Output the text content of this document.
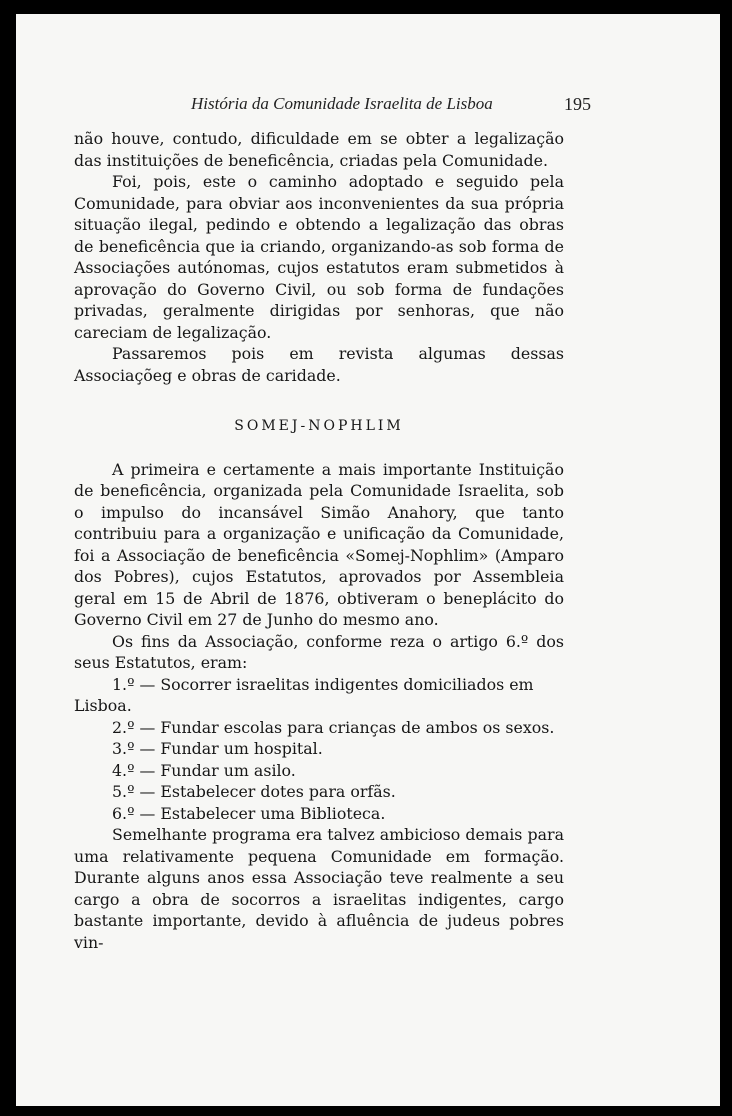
História da Comunidade Israelita de Lisboa	195

não houve, contudo, dificuldade em se obter a legalização das instituições de beneficência, criadas pela Comunidade.

Foi, pois, este o caminho adoptado e seguido pela Comunidade, para obviar aos inconvenientes da sua própria situação ilegal, pedindo e obtendo a legalização das obras de beneficência que ia criando, organizando-as sob forma de Associações autónomas, cujos estatutos eram submetidos à aprovação do Governo Civil, ou sob forma de fundações privadas, geralmente dirigidas por senhoras, que não careciam de legalização.

Passaremos pois em revista algumas dessas Associaçõeg e obras de caridade.

SOMEJ-NOPHLIM

A primeira e certamente a mais importante Instituição de beneficência, organizada pela Comunidade Israelita, sob o impulso do incansável Simão Anahory, que tanto contribuiu para a organização e unificação da Comunidade, foi a Associação de beneficência «Somej-Nophlim» (Amparo dos Pobres), cujos Estatutos, aprovados por Assembleia geral em 15 de Abril de 1876, obtiveram o beneplácito do Governo Civil em 27 de Junho do mesmo ano.

Os fins da Associação, conforme reza o artigo 6.º dos seus Estatutos, eram:

1.º — Socorrer israelitas indigentes domiciliados em Lisboa.
2.º — Fundar escolas para crianças de ambos os sexos.
3.º — Fundar um hospital.
4.º — Fundar um asilo.
5.º — Estabelecer dotes para orfãs.
6.º — Estabelecer uma Biblioteca.

Semelhante programa era talvez ambicioso demais para uma relativamente pequena Comunidade em formação. Durante alguns anos essa Associação teve realmente a seu cargo a obra de socorros a israelitas indigentes, cargo bastante importante, devido à afluência de judeus pobres vin-
